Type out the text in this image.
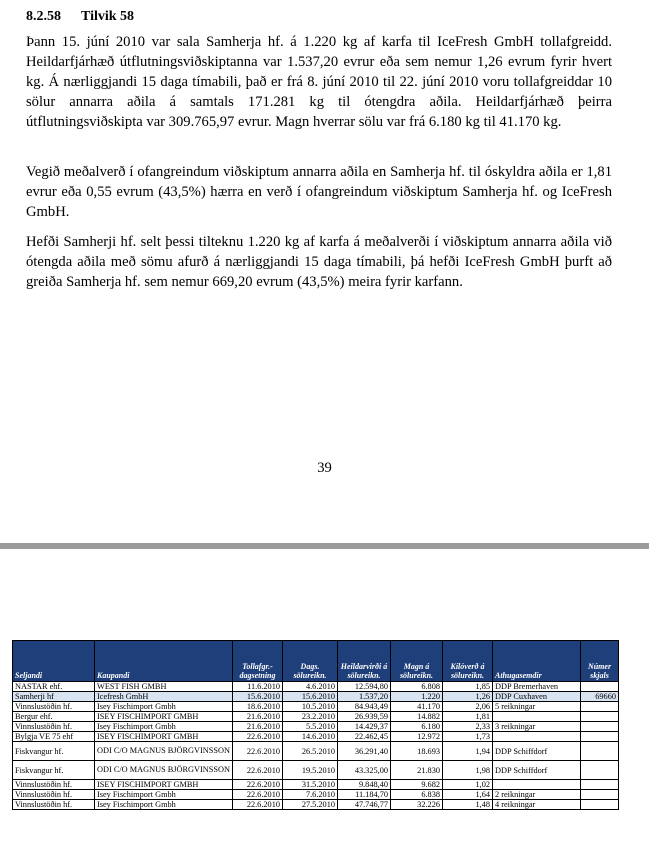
8.2.58 Tilvik 58

Þann 15. júní 2010 var sala Samherja hf. á 1.220 kg af karfa til IceFresh GmbH tollafgreidd. Heildarfjárhæð útflutningsviðskiptanna var 1.537,20 evrur eða sem nemur 1,26 evrum fyrir hvert kg. Á nærliggjandi 15 daga tímabili, það er frá 8. júní 2010 til 22. júní 2010 voru tollafgreiddar 10 sölur annarra aðila á samtals 171.281 kg til ótengdra aðila. Heildarfjárhæð þeirra útflutningsviðskipta var 309.765,97 evrur. Magn hverrar sölu var frá 6.180 kg til 41.170 kg.

Vegið meðalverð í ofangreindum viðskiptum annarra aðila en Samherja hf. til óskyldra aðila er 1,81 evrur eða 0,55 evrum (43,5%) hærra en verð í ofangreindum viðskiptum Samherja hf. og IceFresh GmbH.

Hefði Samherji hf. selt þessi tilteknu 1.220 kg af karfa á meðalverði í viðskiptum annarra aðila við ótengda aðila með sömu afurð á nærliggjandi 15 daga tímabili, þá hefði IceFresh GmbH þurft að greiða Samherja hf. sem nemur 669,20 evrum (43,5%) meira fyrir karfann.

39
Seljandi	Kaupandi	Tollafgr.-dagsetning	Dags. sölureikn.	Heildarvirði á sölureikn.	Magn á sölureikn.	Kílóverð á sölureikn.	Athugasemdir	Númer skjals
NASTAR ehf.	WEST FISH GMBH	11.6.2010	4.6.2010	12.594,80	6.808	1,85	DDP Bremerhaven	
Samherji hf	Icefresh GmbH	15.6.2010	15.6.2010	1.537,20	1.220	1,26	DDP Cuxhaven	69660
Vinnslustöðin hf.	Isey Fischimport Gmbh	18.6.2010	10.5.2010	84.943,49	41.170	2,06	5 reikningar	
Bergur ehf.	ISEY FISCHIMPORT GMBH	21.6.2010	23.2.2010	26.939,59	14.882	1,81		
Vinnslustöðin hf.	Isey Fischimport Gmbh	21.6.2010	5.5.2010	14.429,37	6.180	2,33	3 reikningar	
Bylgja VE 75 ehf	ISEY FISCHIMPORT GMBH	22.6.2010	14.6.2010	22.462,45	12.972	1,73		
Fiskvangur hf.	ODI C/O MAGNUS BJÖRGVINSSON	22.6.2010	26.5.2010	36.291,40	18.693	1,94	DDP Schiffdorf	
Fiskvangur hf.	ODI C/O MAGNUS BJÖRGVINSSON	22.6.2010	19.5.2010	43.325,00	21.830	1,98	DDP Schiffdorf	
Vinnslustöðin hf.	ISEY FISCHIMPORT GMBH	22.6.2010	31.5.2010	9.848,40	9.682	1,02		
Vinnslustöðin hf.	Isey Fischimport Gmbh	22.6.2010	7.6.2010	11.184,70	6.838	1,64	2 reikningar	
Vinnslustöðin hf.	Isey Fischimport Gmbh	22.6.2010	27.5.2010	47.746,77	32.226	1,48	4 reikningar	
